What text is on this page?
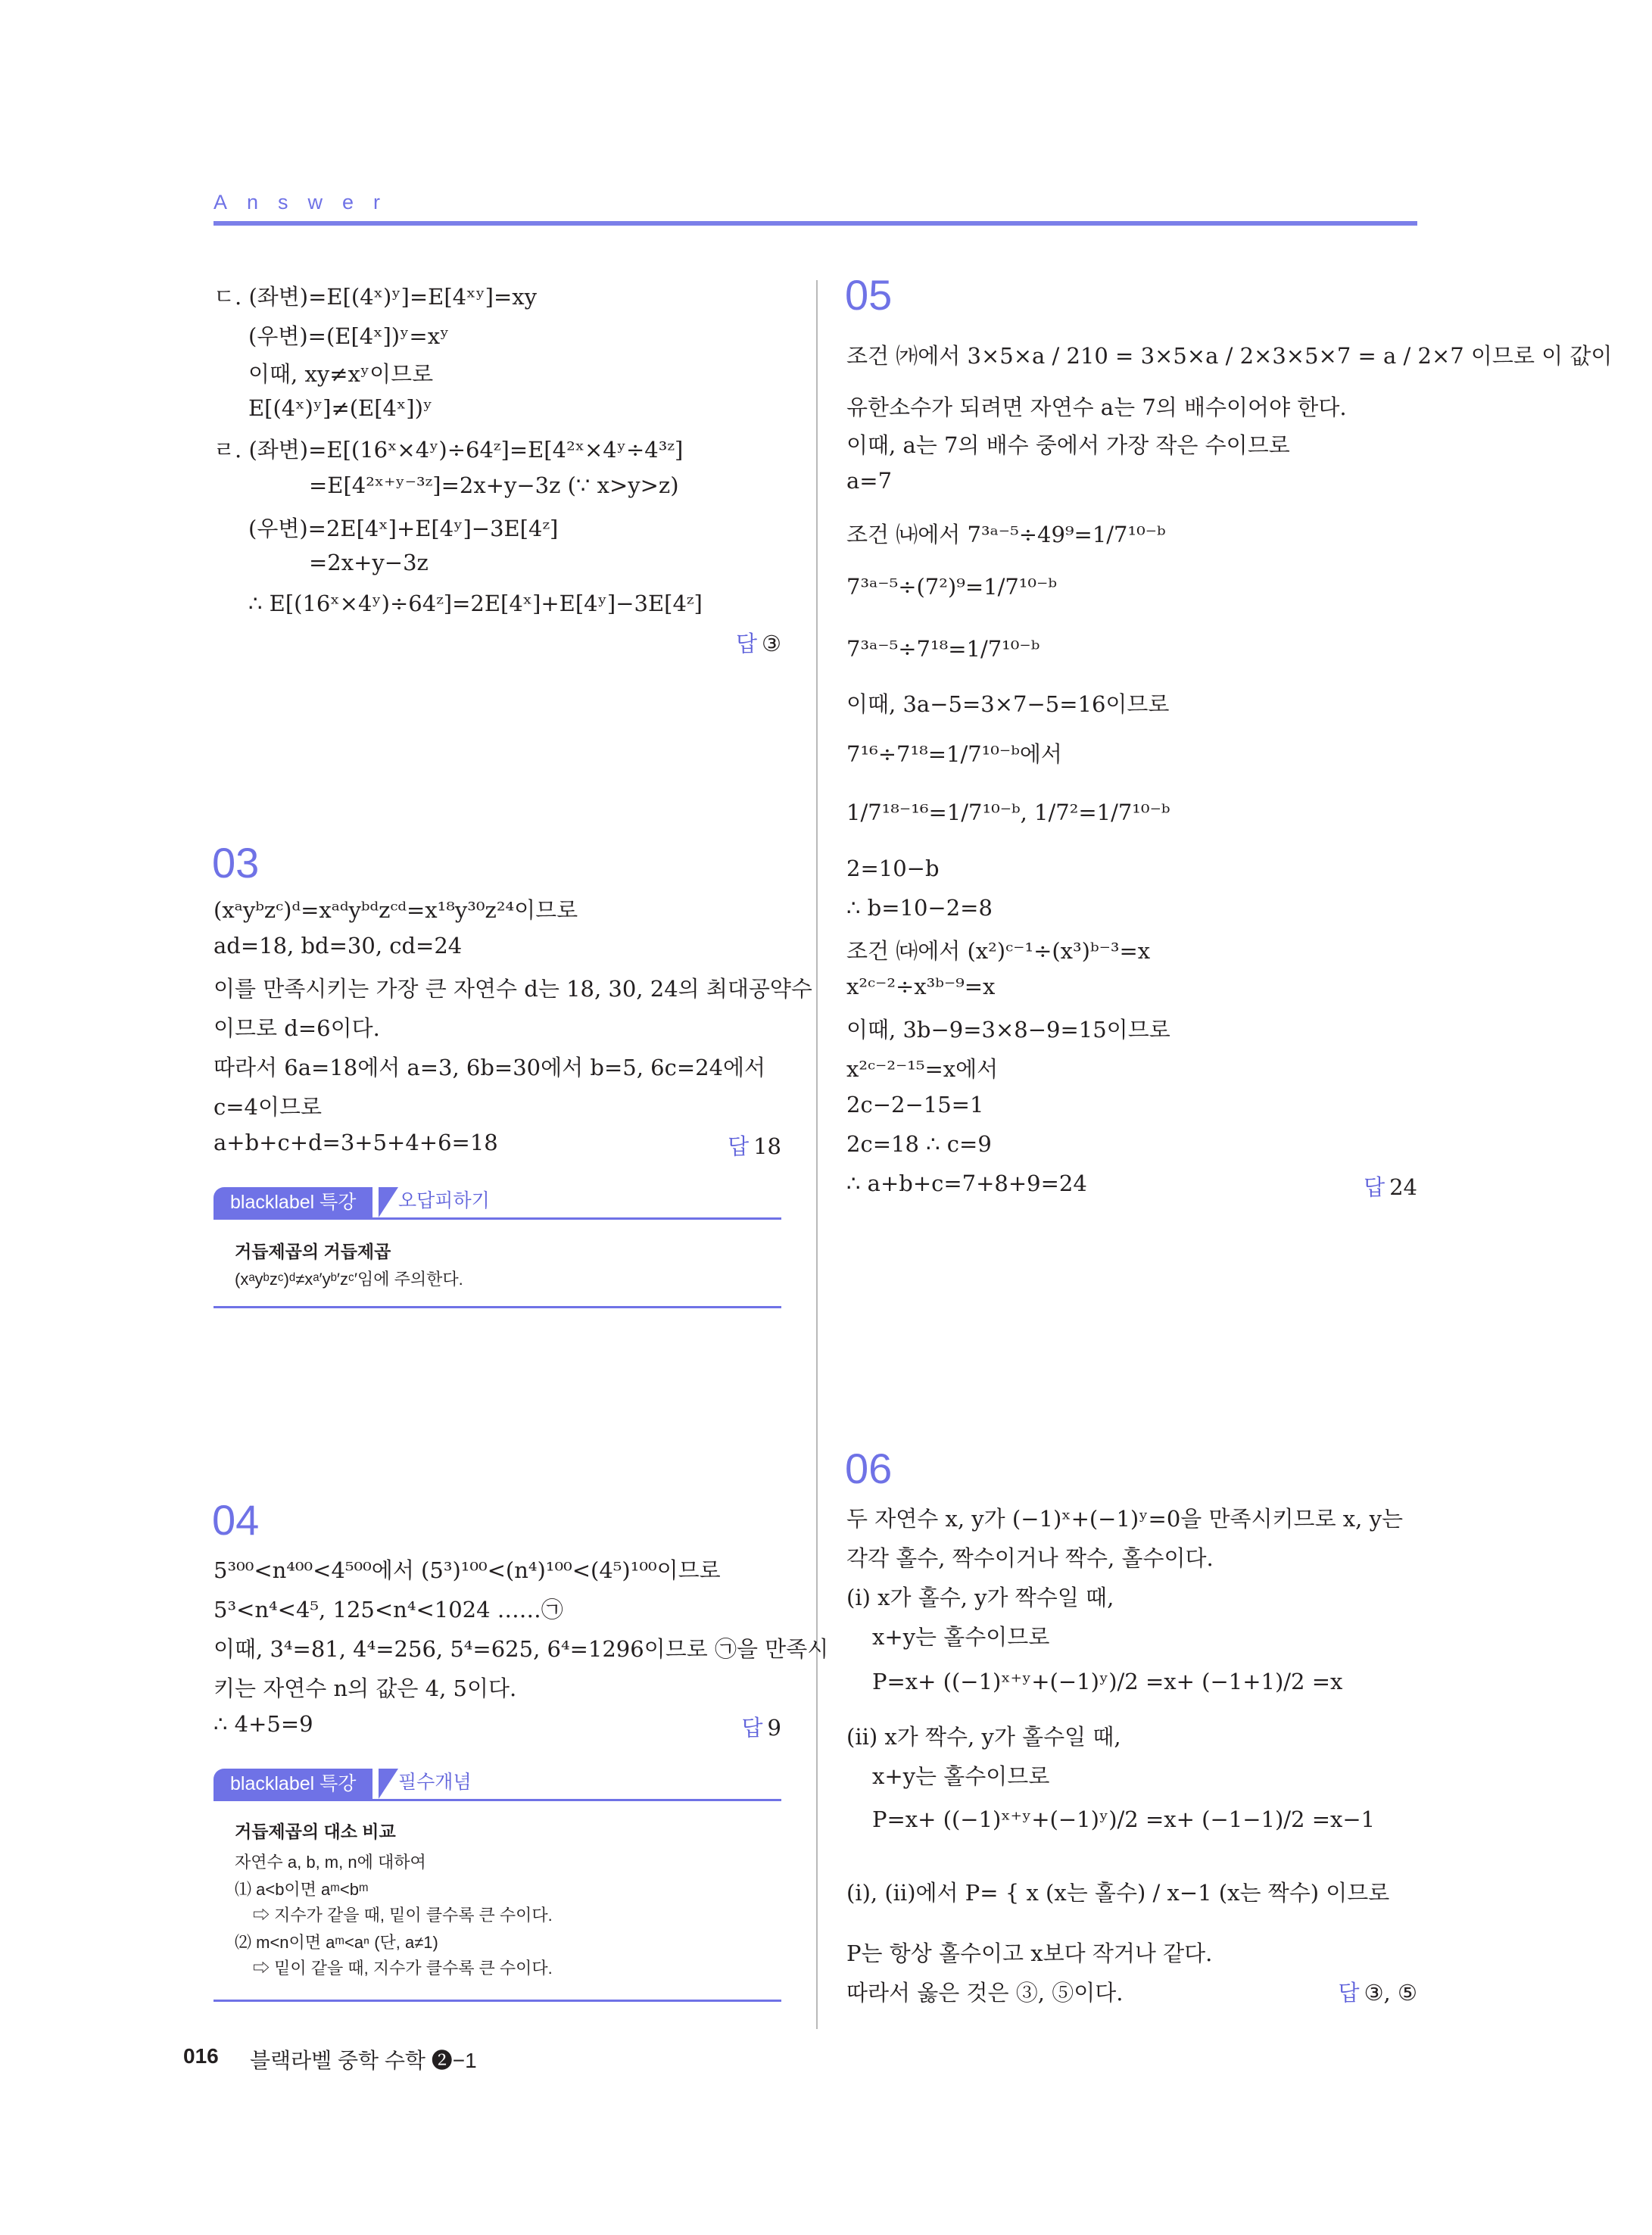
Answer
ㄷ. (좌변)=E[(4ˣ)ʸ]=E[4ˣʸ]=xy
(우변)=(E[4ˣ])ʸ=xʸ
이때, xy≠xʸ이므로
E[(4ˣ)ʸ]≠(E[4ˣ])ʸ
ㄹ. (좌변)=E[(16ˣ×4ʸ)÷64ᶻ]=E[4²ˣ×4ʸ÷4³ᶻ]
=E[4²ˣ⁺ʸ⁻³ᶻ]=2x+y−3z (∵ x>y>z)
(우변)=2E[4ˣ]+E[4ʸ]−3E[4ᶻ]
=2x+y−3z
∴ E[(16ˣ×4ʸ)÷64ᶻ]=2E[4ˣ]+E[4ʸ]−3E[4ᶻ]
답 ③
03
(xᵃyᵇzᶜ)ᵈ=xᵃᵈyᵇᵈzᶜᵈ=x¹⁸y³⁰z²⁴이므로
ad=18, bd=30, cd=24
이를 만족시키는 가장 큰 자연수 d는 18, 30, 24의 최대공약수
이므로 d=6이다.
따라서 6a=18에서 a=3, 6b=30에서 b=5, 6c=24에서
c=4이므로
a+b+c+d=3+5+4+6=18	답 18
blacklabel 특강	오답피하기
거듭제곱의 거듭제곱
(xᵃyᵇzᶜ)ᵈ≠xᵃ′yᵇ′zᶜ′임에 주의한다.
04
5³⁰⁰<n⁴⁰⁰<4⁵⁰⁰에서 (5³)¹⁰⁰<(n⁴)¹⁰⁰<(4⁵)¹⁰⁰이므로
5³<n⁴<4⁵, 125<n⁴<1024 ……㉠
이때, 3⁴=81, 4⁴=256, 5⁴=625, 6⁴=1296이므로 ㉠을 만족시
키는 자연수 n의 값은 4, 5이다.
∴ 4+5=9	답 9
blacklabel 특강	필수개념
거듭제곱의 대소 비교
자연수 a, b, m, n에 대하여
⑴ a<b이면 aᵐ<bᵐ
⇨ 지수가 같을 때, 밑이 클수록 큰 수이다.
⑵ m<n이면 aᵐ<aⁿ (단, a≠1)
⇨ 밑이 같을 때, 지수가 클수록 큰 수이다.
05
조건 ㈎에서 3×5×a / 210 = 3×5×a / 2×3×5×7 = a / 2×7 이므로 이 값이
유한소수가 되려면 자연수 a는 7의 배수이어야 한다.
이때, a는 7의 배수 중에서 가장 작은 수이므로
a=7
조건 ㈏에서 7³ᵃ⁻⁵÷49⁹=1/7¹⁰⁻ᵇ
7³ᵃ⁻⁵÷(7²)⁹=1/7¹⁰⁻ᵇ
7³ᵃ⁻⁵÷7¹⁸=1/7¹⁰⁻ᵇ
이때, 3a−5=3×7−5=16이므로
7¹⁶÷7¹⁸=1/7¹⁰⁻ᵇ에서
1/7¹⁸⁻¹⁶=1/7¹⁰⁻ᵇ, 1/7²=1/7¹⁰⁻ᵇ
2=10−b
∴ b=10−2=8
조건 ㈐에서 (x²)ᶜ⁻¹÷(x³)ᵇ⁻³=x
x²ᶜ⁻²÷x³ᵇ⁻⁹=x
이때, 3b−9=3×8−9=15이므로
x²ᶜ⁻²⁻¹⁵=x에서
2c−2−15=1
2c=18 ∴ c=9
∴ a+b+c=7+8+9=24	답 24
06
두 자연수 x, y가 (−1)ˣ+(−1)ʸ=0을 만족시키므로 x, y는
각각 홀수, 짝수이거나 짝수, 홀수이다.
(ⅰ) x가 홀수, y가 짝수일 때,
x+y는 홀수이므로
P=x+ ((−1)ˣ⁺ʸ+(−1)ʸ)/2 =x+ (−1+1)/2 =x
(ⅱ) x가 짝수, y가 홀수일 때,
x+y는 홀수이므로
P=x+ ((−1)ˣ⁺ʸ+(−1)ʸ)/2 =x+ (−1−1)/2 =x−1
(ⅰ), (ⅱ)에서 P= { x (x는 홀수) / x−1 (x는 짝수) 이므로
P는 항상 홀수이고 x보다 작거나 같다.
따라서 옳은 것은 ③, ⑤이다.	답 ③, ⑤
016 블랙라벨 중학 수학 ❷−1
